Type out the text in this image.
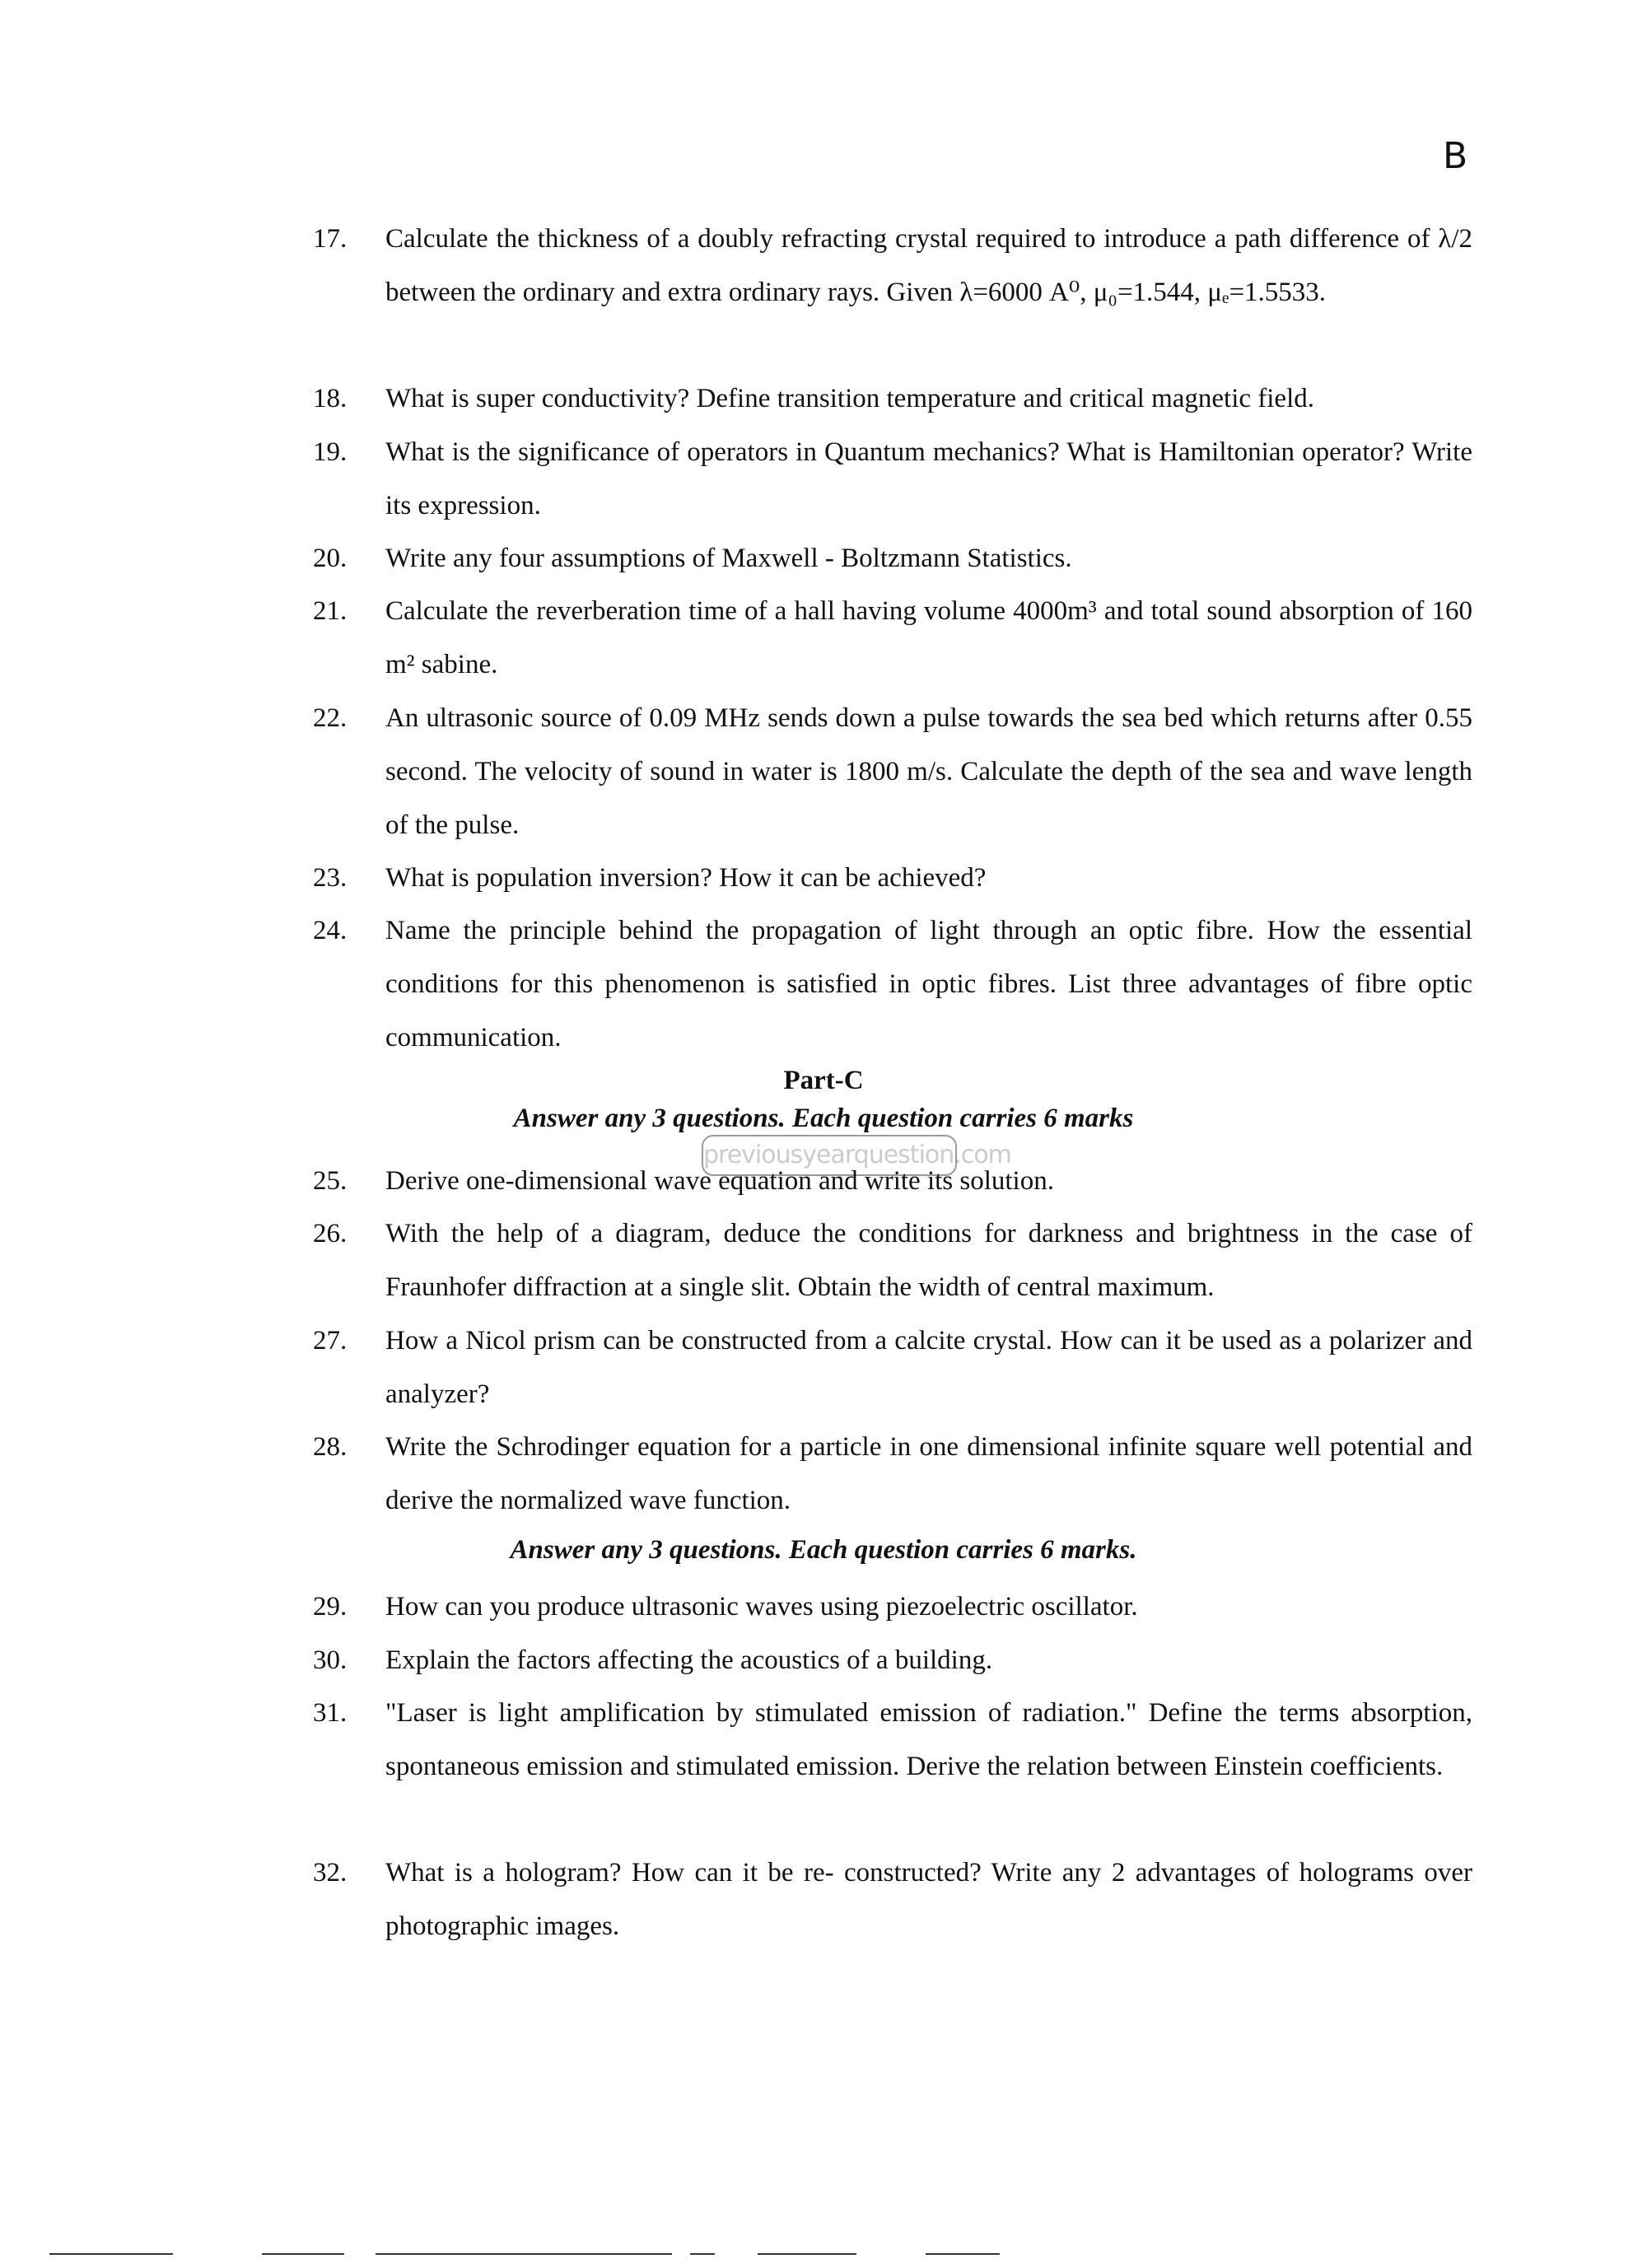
B
17. Calculate the thickness of a doubly refracting crystal required to introduce a path difference of λ/2 between the ordinary and extra ordinary rays. Given λ=6000 A⁰, μ₀=1.544, μₑ=1.5533.
18. What is super conductivity? Define transition temperature and critical magnetic field.
19. What is the significance of operators in Quantum mechanics? What is Hamiltonian operator? Write its expression.
20. Write any four assumptions of Maxwell - Boltzmann Statistics.
21. Calculate the reverberation time of a hall having volume 4000m³ and total sound absorption of 160 m² sabine.
22. An ultrasonic source of 0.09 MHz sends down a pulse towards the sea bed which returns after 0.55 second. The velocity of sound in water is 1800 m/s. Calculate the depth of the sea and wave length of the pulse.
23. What is population inversion? How it can be achieved?
24. Name the principle behind the propagation of light through an optic fibre. How the essential conditions for this phenomenon is satisfied in optic fibres. List three advantages of fibre optic communication.
Part-C
Answer any 3 questions. Each question carries 6 marks
previousyearquestion.com
25. Derive one-dimensional wave equation and write its solution.
26. With the help of a diagram, deduce the conditions for darkness and brightness in the case of Fraunhofer diffraction at a single slit. Obtain the width of central maximum.
27. How a Nicol prism can be constructed from a calcite crystal. How can it be used as a polarizer and analyzer?
28. Write the Schrodinger equation for a particle in one dimensional infinite square well potential and derive the normalized wave function.
Answer any 3 questions. Each question carries 6 marks.
29. How can you produce ultrasonic waves using piezoelectric oscillator.
30. Explain the factors affecting the acoustics of a building.
31. "Laser is light amplification by stimulated emission of radiation." Define the terms absorption, spontaneous emission and stimulated emission. Derive the relation between Einstein coefficients.
32. What is a hologram? How can it be re- constructed? Write any 2 advantages of holograms over photographic images.
